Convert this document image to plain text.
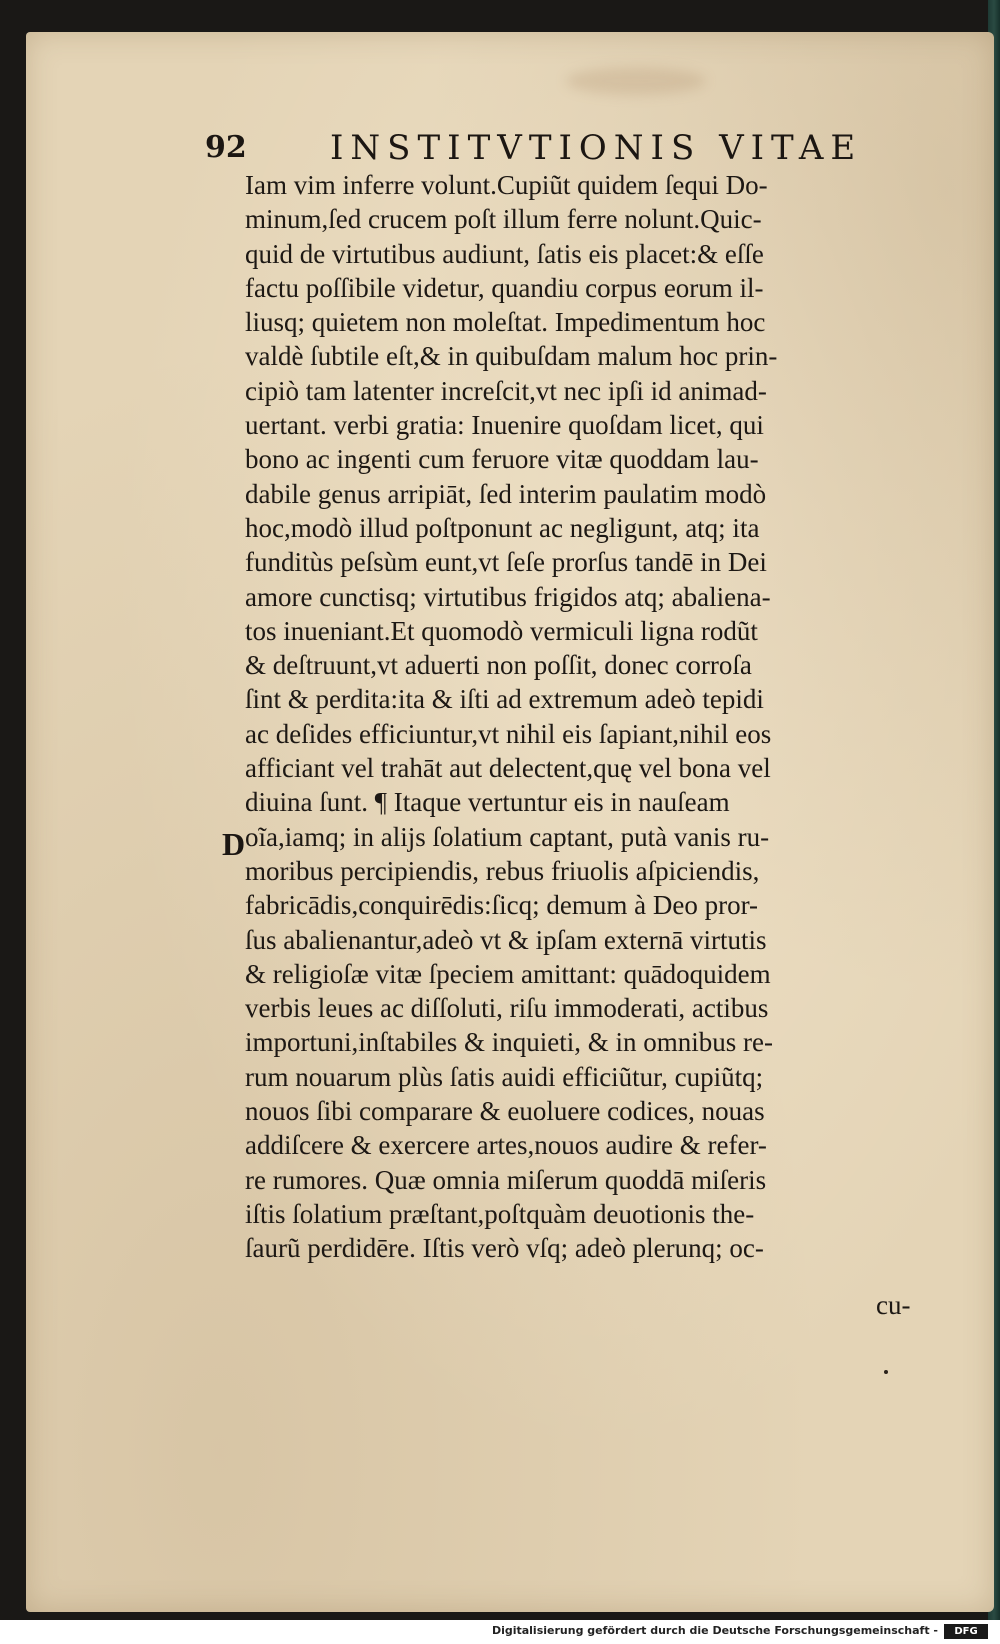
92 INSTITVTIONIS VITAE
Iam vim inferre volunt.Cupiũt quidem ſequi Do-
minum,ſed crucem poſt illum ferre nolunt.Quic-
quid de virtutibus audiunt, ſatis eis placet:& eſſe
factu poſſibile videtur, quandiu corpus eorum il-
liusq; quietem non moleſtat. Impedimentum hoc
valdè ſubtile eſt,& in quibuſdam malum hoc prin-
cipiò tam latenter increſcit,vt nec ipſi id animad-
uertant. verbi gratia: Inuenire quoſdam licet, qui
bono ac ingenti cum feruore vitæ quoddam lau-
dabile genus arripiāt, ſed interim paulatim modò
hoc,modò illud poſtponunt ac negligunt, atq; ita
funditùs peſsùm eunt,vt ſeſe prorſus tandē in Dei
amore cunctisq; virtutibus frigidos atq; abaliena-
tos inueniant.Et quomodò vermiculi ligna rodũt
& deſtruunt,vt aduerti non poſſit, donec corroſa
ſint & perdita:ita & iſti ad extremum adeò tepidi
ac deſides efficiuntur,vt nihil eis ſapiant,nihil eos
afficiant vel trahāt aut delectent,quę vel bona vel
diuina ſunt. ¶ Itaque vertuntur eis in nauſeam
oĩa,iamq; in alijs ſolatium captant, putà vanis ru-
moribus percipiendis, rebus friuolis aſpiciendis,
fabricādis,conquirēdis:ſicq; demum à Deo pror-
ſus abalienantur,adeò vt & ipſam externā virtutis
& religioſæ vitæ ſpeciem amittant: quādoquidem
verbis leues ac diſſoluti, riſu immoderati, actibus
importuni,inſtabiles & inquieti, & in omnibus re-
rum nouarum plùs ſatis auidi efficiũtur, cupiũtq;
nouos ſibi comparare & euoluere codices, nouas
addiſcere & exercere artes,nouos audire & refer-
re rumores. Quæ omnia miſerum quoddā miſeris
iſtis ſolatium præſtant,poſtquàm deuotionis the-
ſaurũ perdidēre. Iſtis verò vſq; adeò plerunq; oc-
D
cu-
Digitalisierung gefördert durch die Deutsche Forschungsgemeinschaft -	DFG
